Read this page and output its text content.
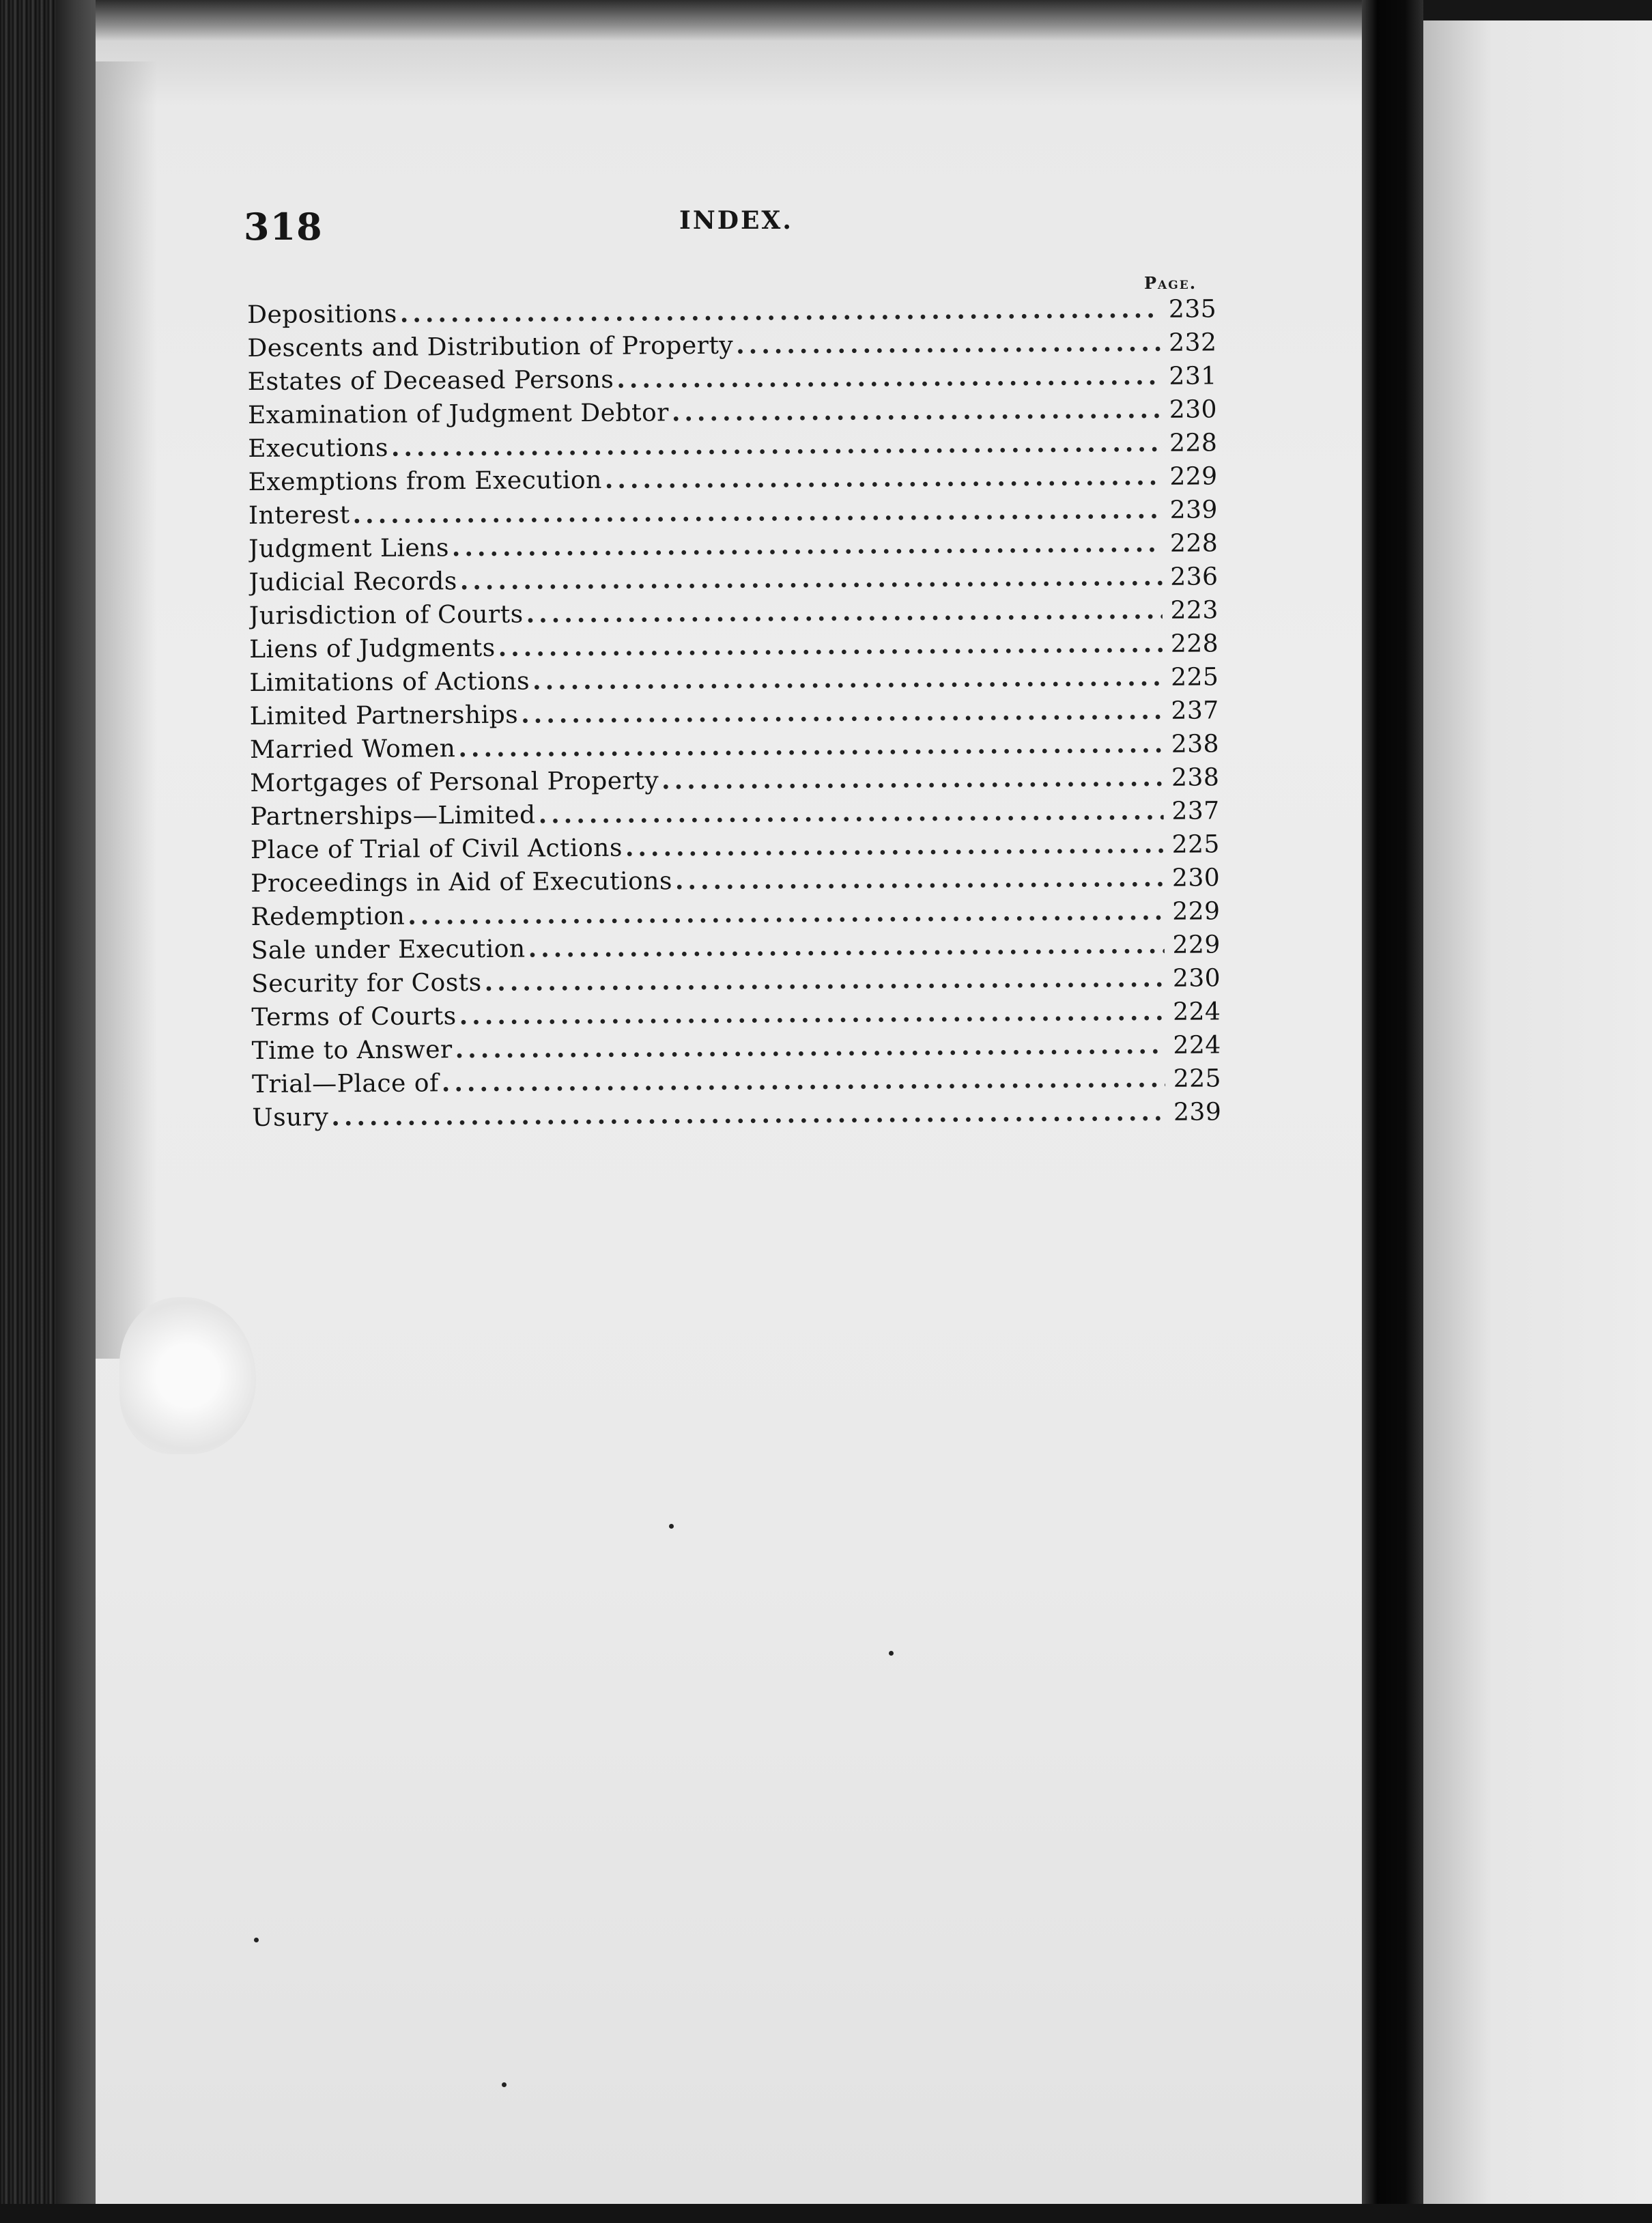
318	INDEX.
Page.
Depositions .....	235
Descents and Distribution of Property .....	232
Estates of Deceased Persons .....	231
Examination of Judgment Debtor .....	230
Executions .....	228
Exemptions from Execution .....	229
Interest .....	239
Judgment Liens .....	228
Judicial Records .....	236
Jurisdiction of Courts .....	223
Liens of Judgments .....	228
Limitations of Actions .....	225
Limited Partnerships .....	237
Married Women .....	238
Mortgages of Personal Property .....	238
Partnerships—Limited .....	237
Place of Trial of Civil Actions .....	225
Proceedings in Aid of Executions .....	230
Redemption .....	229
Sale under Execution .....	229
Security for Costs .....	230
Terms of Courts .....	224
Time to Answer .....	224
Trial—Place of .....	225
Usury .....	239
